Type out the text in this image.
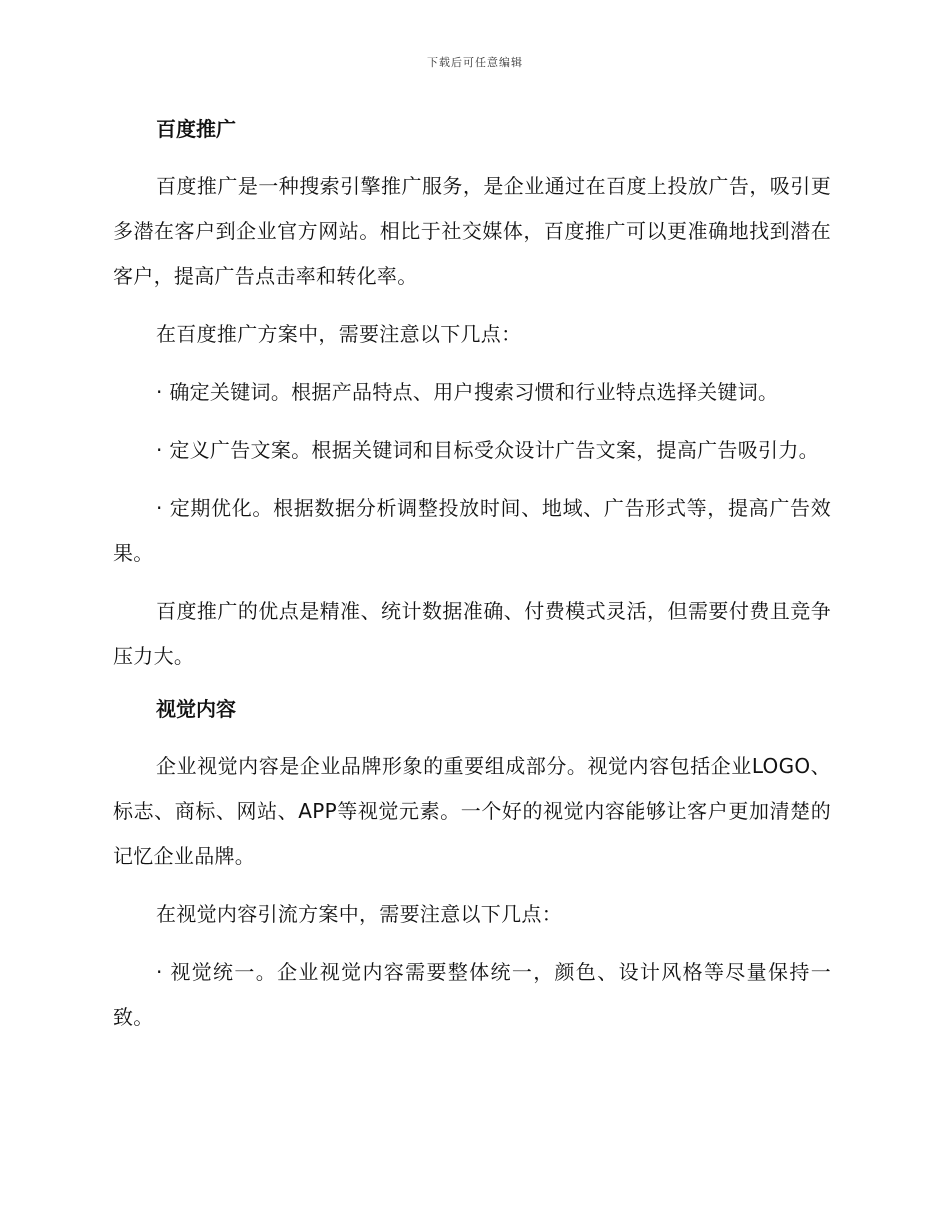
下载后可任意编辑
百度推广

百度推广是一种搜索引擎推广服务，是企业通过在百度上投放广告，吸引更多潜在客户到企业官方网站。相比于社交媒体，百度推广可以更准确地找到潜在客户，提高广告点击率和转化率。

在百度推广方案中，需要注意以下几点：

· 确定关键词。根据产品特点、用户搜索习惯和行业特点选择关键词。

· 定义广告文案。根据关键词和目标受众设计广告文案，提高广告吸引力。

· 定期优化。根据数据分析调整投放时间、地域、广告形式等，提高广告效果。

百度推广的优点是精准、统计数据准确、付费模式灵活，但需要付费且竞争压力大。

视觉内容

企业视觉内容是企业品牌形象的重要组成部分。视觉内容包括企业LOGO、标志、商标、网站、APP等视觉元素。一个好的视觉内容能够让客户更加清楚的记忆企业品牌。

在视觉内容引流方案中，需要注意以下几点：

· 视觉统一。企业视觉内容需要整体统一，颜色、设计风格等尽量保持一致。
